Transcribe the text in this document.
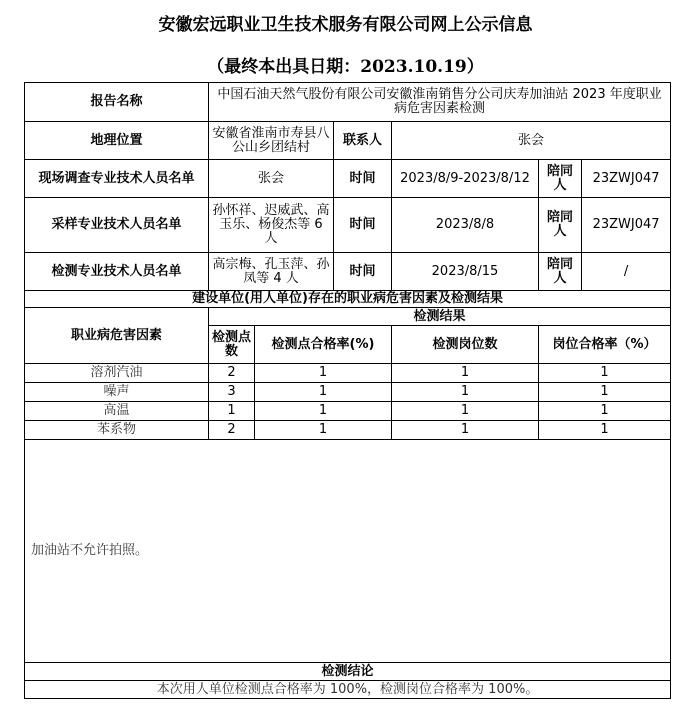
安徽宏远职业卫生技术服务有限公司网上公示信息
（最终本出具日期：2023.10.19）
报告名称	中国石油天然气股份有限公司安徽淮南销售分公司庆寿加油站 2023 年度职业病危害因素检测					
地理位置	安徽省淮南市寿县八公山乡团结村		联系人	张会		
现场调查专业技术人员名单	张会		时间	2023/8/9-2023/8/12	陪同人	23ZWJ047
采样专业技术人员名单	孙怀祥、迟威武、高玉乐、杨俊杰等 6 人		时间	2023/8/8	陪同人	23ZWJ047
检测专业技术人员名单	高宗梅、孔玉萍、孙凤等 4 人		时间	2023/8/15	陪同人	/
建设单位(用人单位)存在的职业病危害因素及检测结果						
职业病危害因素	检测结果					
	检测点数	检测点合格率(%)		检测岗位数	岗位合格率（%）	
溶剂汽油	2	1		1	1	
噪声	3	1		1	1	
高温	1	1		1	1	
苯系物	2	1		1	1	
加油站不允许拍照。						
检测结论						
本次用人单位检测点合格率为 100%，检测岗位合格率为 100%。						
